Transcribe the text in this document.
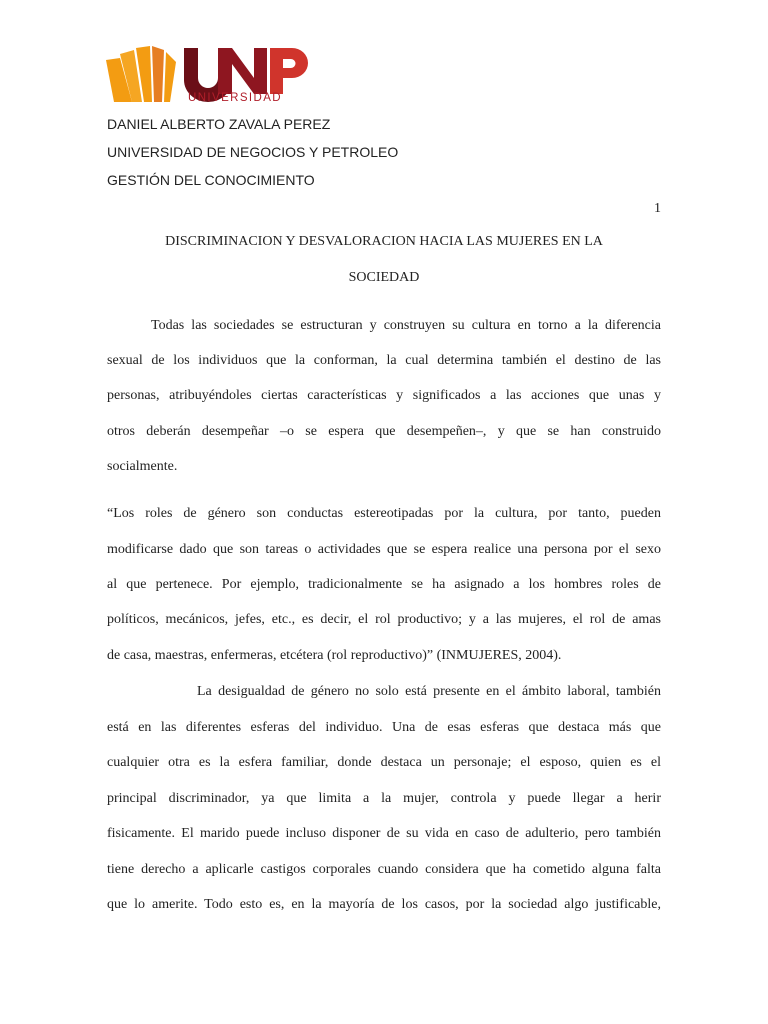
UNIVERSIDAD
DANIEL ALBERTO ZAVALA PEREZ
UNIVERSIDAD DE NEGOCIOS Y PETROLEO
GESTIÓN DEL CONOCIMIENTO
1
DISCRIMINACION Y DESVALORACION HACIA LAS MUJERES EN LA
SOCIEDAD
Todas las sociedades se estructuran y construyen su cultura en torno a la diferencia
sexual de los individuos que la conforman, la cual determina también el destino de las
personas, atribuyéndoles ciertas características y significados a las acciones que unas y
otros deberán desempeñar –o se espera que desempeñen–, y que se han construido
socialmente.
“Los roles de género son conductas estereotipadas por la cultura, por tanto, pueden
modificarse dado que son tareas o actividades que se espera realice una persona por el sexo
al que pertenece. Por ejemplo, tradicionalmente se ha asignado a los hombres roles de
políticos, mecánicos, jefes, etc., es decir, el rol productivo; y a las mujeres, el rol de amas
de casa, maestras, enfermeras, etcétera (rol reproductivo)” (INMUJERES, 2004).
La desigualdad de género no solo está presente en el ámbito laboral, también
está en las diferentes esferas del individuo. Una de esas esferas que destaca más que
cualquier otra es la esfera familiar, donde destaca un personaje; el esposo, quien es el
principal discriminador, ya que limita a la mujer, controla y puede llegar a herir
fisicamente. El marido puede incluso disponer de su vida en caso de adulterio, pero también
tiene derecho a aplicarle castigos corporales cuando considera que ha cometido alguna falta
que lo amerite. Todo esto es, en la mayoría de los casos, por la sociedad algo justificable,
